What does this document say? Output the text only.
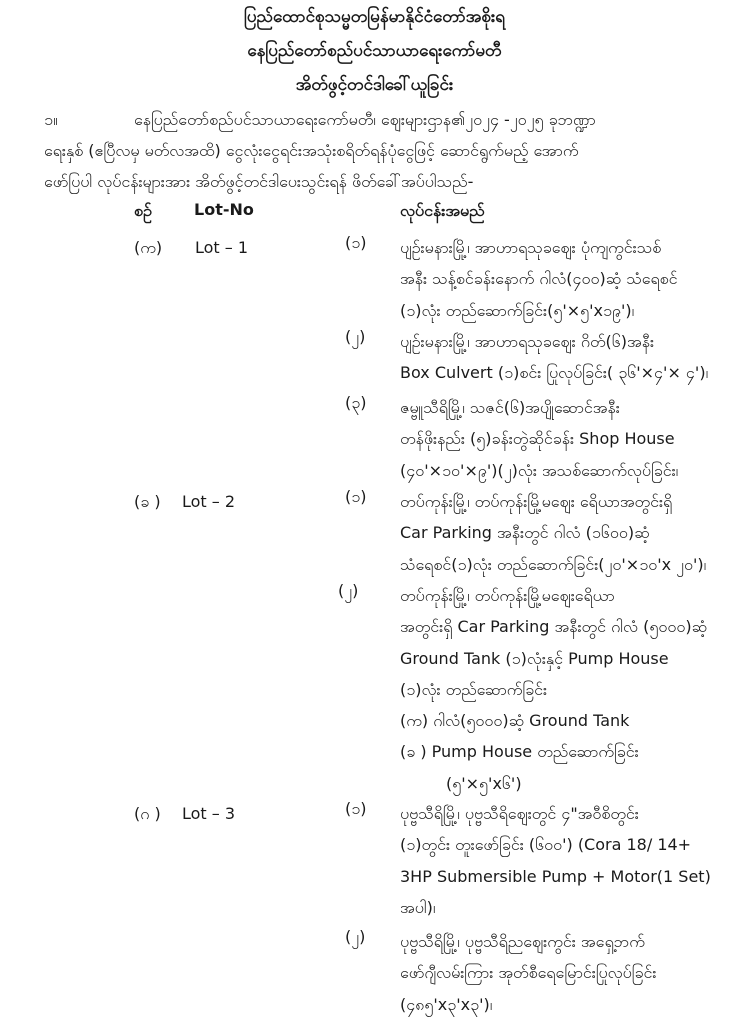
ပြည်ထောင်စုသမ္မတမြန်မာနိုင်ငံတော်အစိုးရ
နေပြည်တော်စည်ပင်သာယာရေးကော်မတီ
အိတ်ဖွင့်တင်ဒါခေါ်ယူခြင်း
၁။	နေပြည်တော်စည်ပင်သာယာရေးကော်မတီ၊ ဈေးများဌာန၏၂၀၂၄ -၂၀၂၅ ခုဘဏ္ဍာ
ရေးနှစ် (ဧပြီလမှ မတ်လအထိ) ငွေလုံးငွေရင်းအသုံးစရိတ်ရန်ပုံငွေဖြင့် ဆောင်ရွက်မည့် အောက်
ဖော်ပြပါ လုပ်ငန်းများအား အိတ်ဖွင့်တင်ဒါပေးသွင်းရန် ဖိတ်ခေါ်အပ်ပါသည်-
စဉ်	Lot-No	လုပ်ငန်းအမည်
(က) Lot – 1	(၁) ပျဉ်းမနားမြို့၊ အာဟာရသုခဈေး ပုံကျကွင်းသစ်
အနီး သန့်စင်ခန်းနောက် ဂါလံ(၄၀၀)ဆံ့ သံရေစင်
(၁)လုံး တည်ဆောက်ခြင်း(၅'×၅'x၁၉')၊
(၂) ပျဉ်းမနားမြို့၊ အာဟာရသုခဈေး ဂိတ်(၆)အနီး
Box Culvert (၁)စင်း ပြုလုပ်ခြင်း( ၃၆'×၄'× ၄')၊
(၃) ဇမ္ဗူသီရိမြို့၊ သဇင်(၆)အပျိုဆောင်အနီး
တန်ဖိုးနည်း (၅)ခန်းတွဲဆိုင်ခန်း Shop House
(၄၀'×၁၀'×၉')(၂)လုံး အသစ်ဆောက်လုပ်ခြင်း၊
(ခ ) Lot – 2	(၁) တပ်ကုန်းမြို့၊ တပ်ကုန်းမြို့မဈေး ရေိယာအတွင်းရှိ
Car Parking အနီးတွင် ဂါလံ (၁၆၀၀)ဆံ့
သံရေစင်(၁)လုံး တည်ဆောက်ခြင်း(၂၀'×၁၀'x ၂၀')၊
(၂)	တပ်ကုန်းမြို့၊ တပ်ကုန်းမြို့မဈေးရေိယာ
အတွင်းရှိ Car Parking အနီးတွင် ဂါလံ (၅၀၀၀)ဆံ့
Ground Tank (၁)လုံးနှင့် Pump House
(၁)လုံး တည်ဆောက်ခြင်း
(က) ဂါလံ(၅၀၀၀)ဆံ့ Ground Tank
(ခ ) Pump House တည်ဆောက်ခြင်း
(၅'×၅'x၆')
(ဂ ) Lot – 3	(၁) ပုဗ္ဗသီရိမြို့၊ ပုဗ္ဗသီရိဈေးတွင် ၄"အဝီစိတွင်း
(၁)တွင်း တူးဖော်ခြင်း (၆၀၀') (Cora 18/ 14+
3HP Submersible Pump + Motor(1 Set)
အပါ)၊
(၂) ပုဗ္ဗသီရိမြို့၊ ပုဗ္ဗသီရိညဈေးကွင်း အရှေ့ဘက်
ဖော်ဂျီလမ်းကြား အုတ်စီရေမြောင်းပြုလုပ်ခြင်း
(၄၈၅'x၃'x၃')၊
